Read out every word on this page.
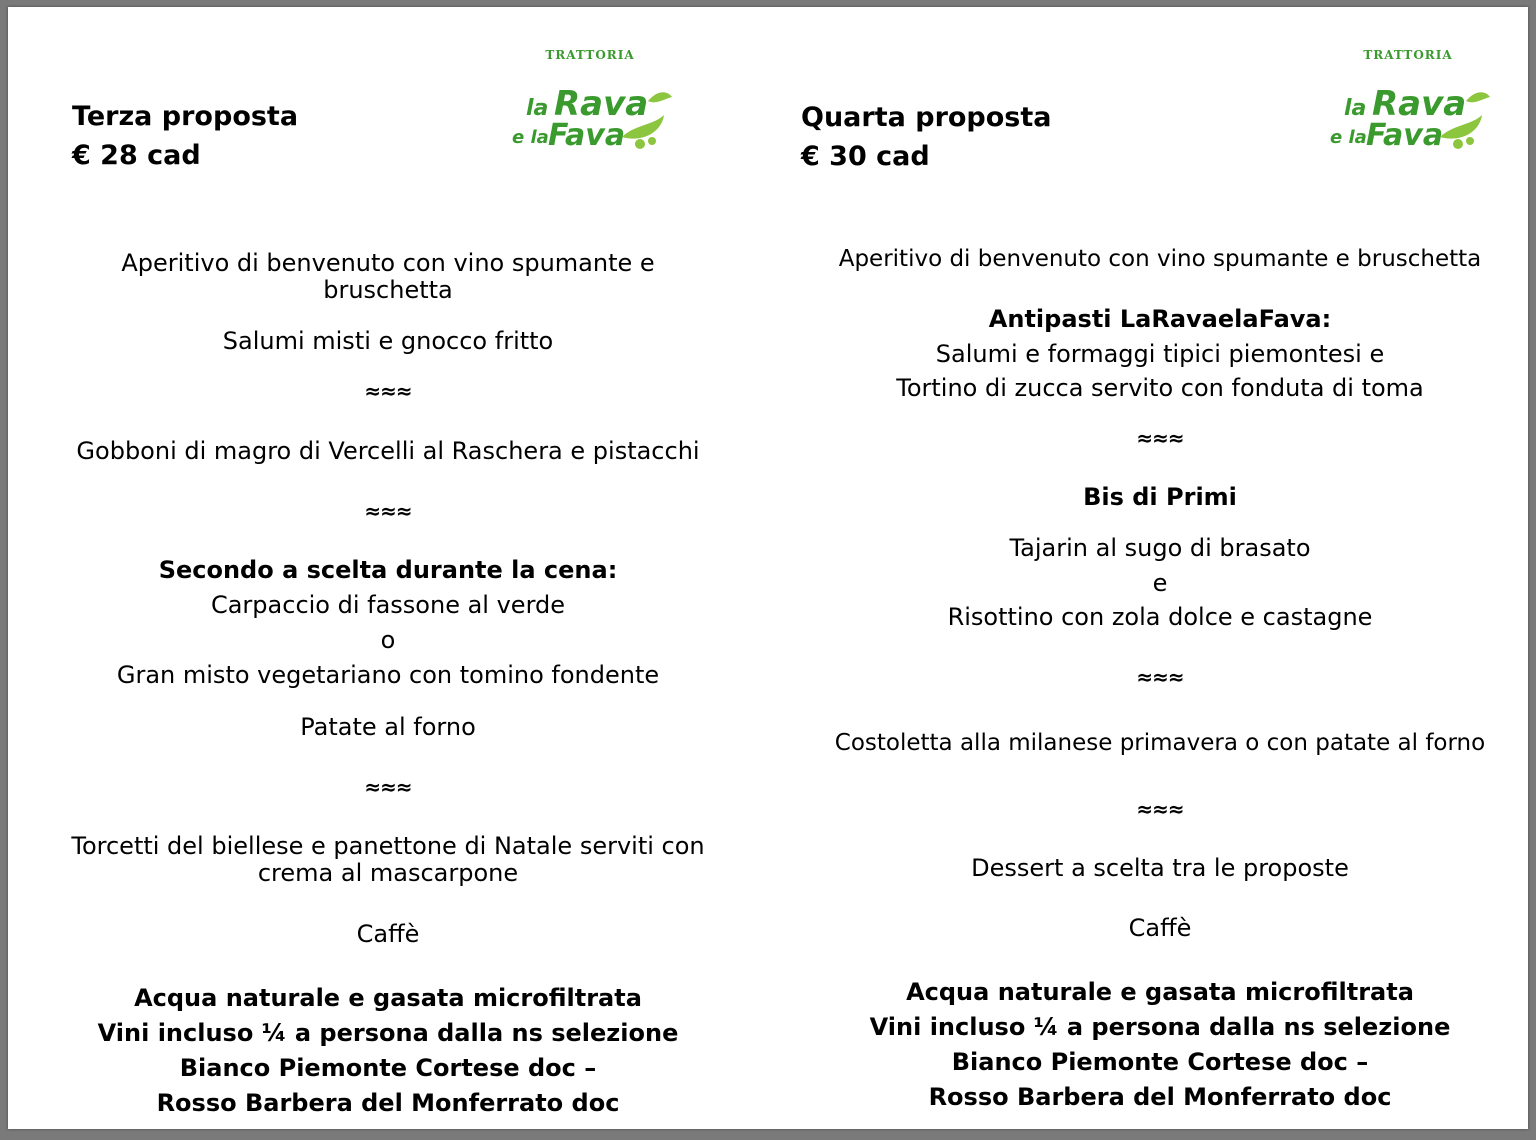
Terza proposta
€ 28 cad
TRATTORIA
la Rava
e la Fava
Aperitivo di benvenuto con vino spumante e
bruschetta
Salumi misti e gnocco fritto
≈≈≈
Gobboni di magro di Vercelli al Raschera e pistacchi
≈≈≈
Secondo a scelta durante la cena:
Carpaccio di fassone al verde
o
Gran misto vegetariano con tomino fondente
Patate al forno
≈≈≈
Torcetti del biellese e panettone di Natale serviti con
crema al mascarpone
Caffè
Acqua naturale e gasata microfiltrata
Vini incluso ¼ a persona dalla ns selezione
Bianco Piemonte Cortese doc –
Rosso Barbera del Monferrato doc
Quarta proposta
€ 30 cad
TRATTORIA
la Rava
e la Fava
Aperitivo di benvenuto con vino spumante e bruschetta
Antipasti LaRavaelaFava:
Salumi e formaggi tipici piemontesi e
Tortino di zucca servito con fonduta di toma
≈≈≈
Bis di Primi
Tajarin al sugo di brasato
e
Risottino con zola dolce e castagne
≈≈≈
Costoletta alla milanese primavera o con patate al forno
≈≈≈
Dessert a scelta tra le proposte
Caffè
Acqua naturale e gasata microfiltrata
Vini incluso ¼ a persona dalla ns selezione
Bianco Piemonte Cortese doc –
Rosso Barbera del Monferrato doc
